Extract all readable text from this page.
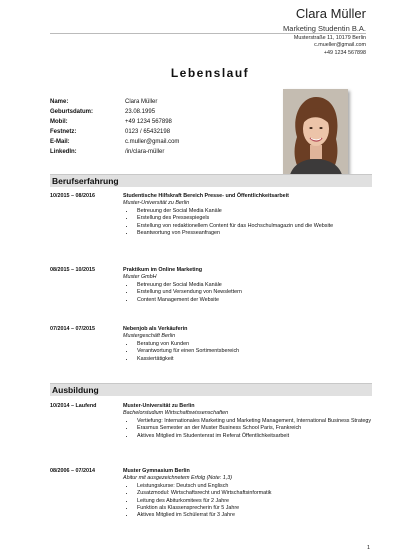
Clara Müller
Marketing Studentin B.A.
Musterstraße 11, 10179 Berlin
c.mueller@gmail.com
+49 1234 567898
Lebenslauf
Name:	Clara Müller
Geburtsdatum:	23.08.1995
Mobil:	+49 1234 567898
Festnetz:	0123 / 65432198
E-Mail:	c.muller@gmail.com
LinkedIn:	/in/clara-müller
Berufserfahrung
10/2015 – 08/2016	Studentische Hilfskraft Bereich Presse- und Öffentlichkeitsarbeit
Muster-Universität zu Berlin
• Betreuung der Social Media Kanäle
• Erstellung des Pressespiegels
• Erstellung von redaktionellem Content für das Hochschulmagazin und die Website
• Beantwortung von Presseanfragen
08/2015 – 10/2015	Praktikum im Online Marketing
Muster GmbH
• Betreuung der Social Media Kanäle
• Erstellung und Versendung von Newslettern
• Content Management der Website
07/2014 – 07/2015	Nebenjob als Verkäuferin
Mustergeschäft Berlin
• Beratung von Kunden
• Verantwortung für einen Sortimentsbereich
• Kassiertätigkeit
Ausbildung
10/2014 – Laufend	Muster-Universität zu Berlin
Bachelorstudium Wirtschaftswissenschaften
• Vertiefung: Internationales Marketing und Marketing Management, International Business Strategy
• Erasmus Semester an der Muster Business School Paris, Frankreich
• Aktives Mitglied im Studentenrat im Referat Öffentlichkeitsarbeit
08/2006 – 07/2014	Muster Gymnasium Berlin
Abitur mit ausgezeichnetem Erfolg (Note: 1,3)
• Leistungskurse: Deutsch und Englisch
• Zusatzmodul: Wirtschaftsrecht und Wirtschaftsinformatik
• Leitung des Abiturkomitees für 2 Jahre
• Funktion als Klassensprecherin für 5 Jahre
• Aktives Mitglied im Schülerrat für 3 Jahre
1
